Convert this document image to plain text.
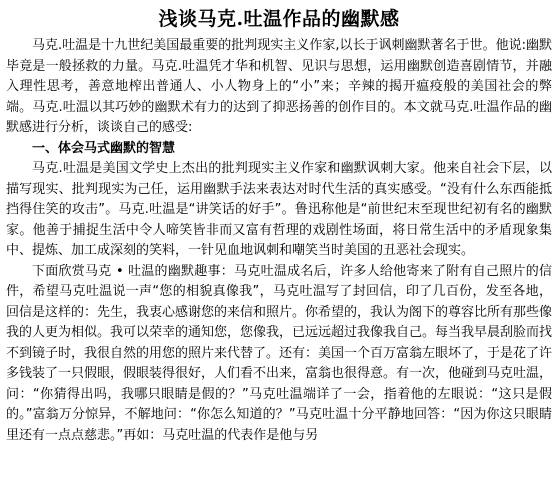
浅谈马克.吐温作品的幽默感

马克.吐温是十九世纪美国最重要的批判现实主义作家,以长于讽刺幽默著名于世。他说:幽默毕竟是一般拯救的力量。马克.吐温凭才华和机智、见识与思想，运用幽默创造喜剧情节，并融入理性思考，善意地榨出普通人、小人物身上的“小”来；辛辣的揭开瘟疫般的美国社会的弊端。马克.吐温以其巧妙的幽默术有力的达到了抑恶扬善的创作目的。本文就马克.吐温作品的幽默感进行分析，谈谈自己的感受:

一、体会马式幽默的智慧

马克.吐温是美国文学史上杰出的批判现实主义作家和幽默讽刺大家。他来自社会下层，以描写现实、批判现实为己任，运用幽默手法来表达对时代生活的真实感受。“没有什么东西能抵挡得住笑的攻击”。马克.吐温是“讲笑话的好手”。鲁迅称他是“前世纪末至现世纪初有名的幽默家。他善于捕捉生活中令人啼笑皆非而又富有哲理的戏剧性场面，将日常生活中的矛盾现象集中、提炼、加工成深刻的笑料，一针见血地讽刺和嘲笑当时美国的丑恶社会现实。

下面欣赏马克 • 吐温的幽默趣事：马克吐温成名后，许多人给他寄来了附有自己照片的信件，希望马克吐温说一声“您的相貌真像我”，马克吐温写了封回信，印了几百份，发至各地，回信是这样的：先生，我衷心感谢您的来信和照片。你希望的，我认为阁下的尊容比所有那些像我的人更为相似。我可以荣幸的通知您，您像我，已远远超过我像我自己。每当我早晨刮脸而找不到镜子时，我很自然的用您的照片来代替了。还有：美国一个百万富翁左眼坏了，于是花了许多钱装了一只假眼，假眼装得很好，人们看不出来，富翁也很得意。有一次，他碰到马克吐温，问：“你猜得出吗，我哪只眼睛是假的？”马克吐温端详了一会，指着他的左眼说：“这只是假的。”富翁万分惊异，不解地问：“你怎么知道的？”马克吐温十分平静地回答：“因为你这只眼睛里还有一点点慈悲。”再如：马克吐温的代表作是他与另
